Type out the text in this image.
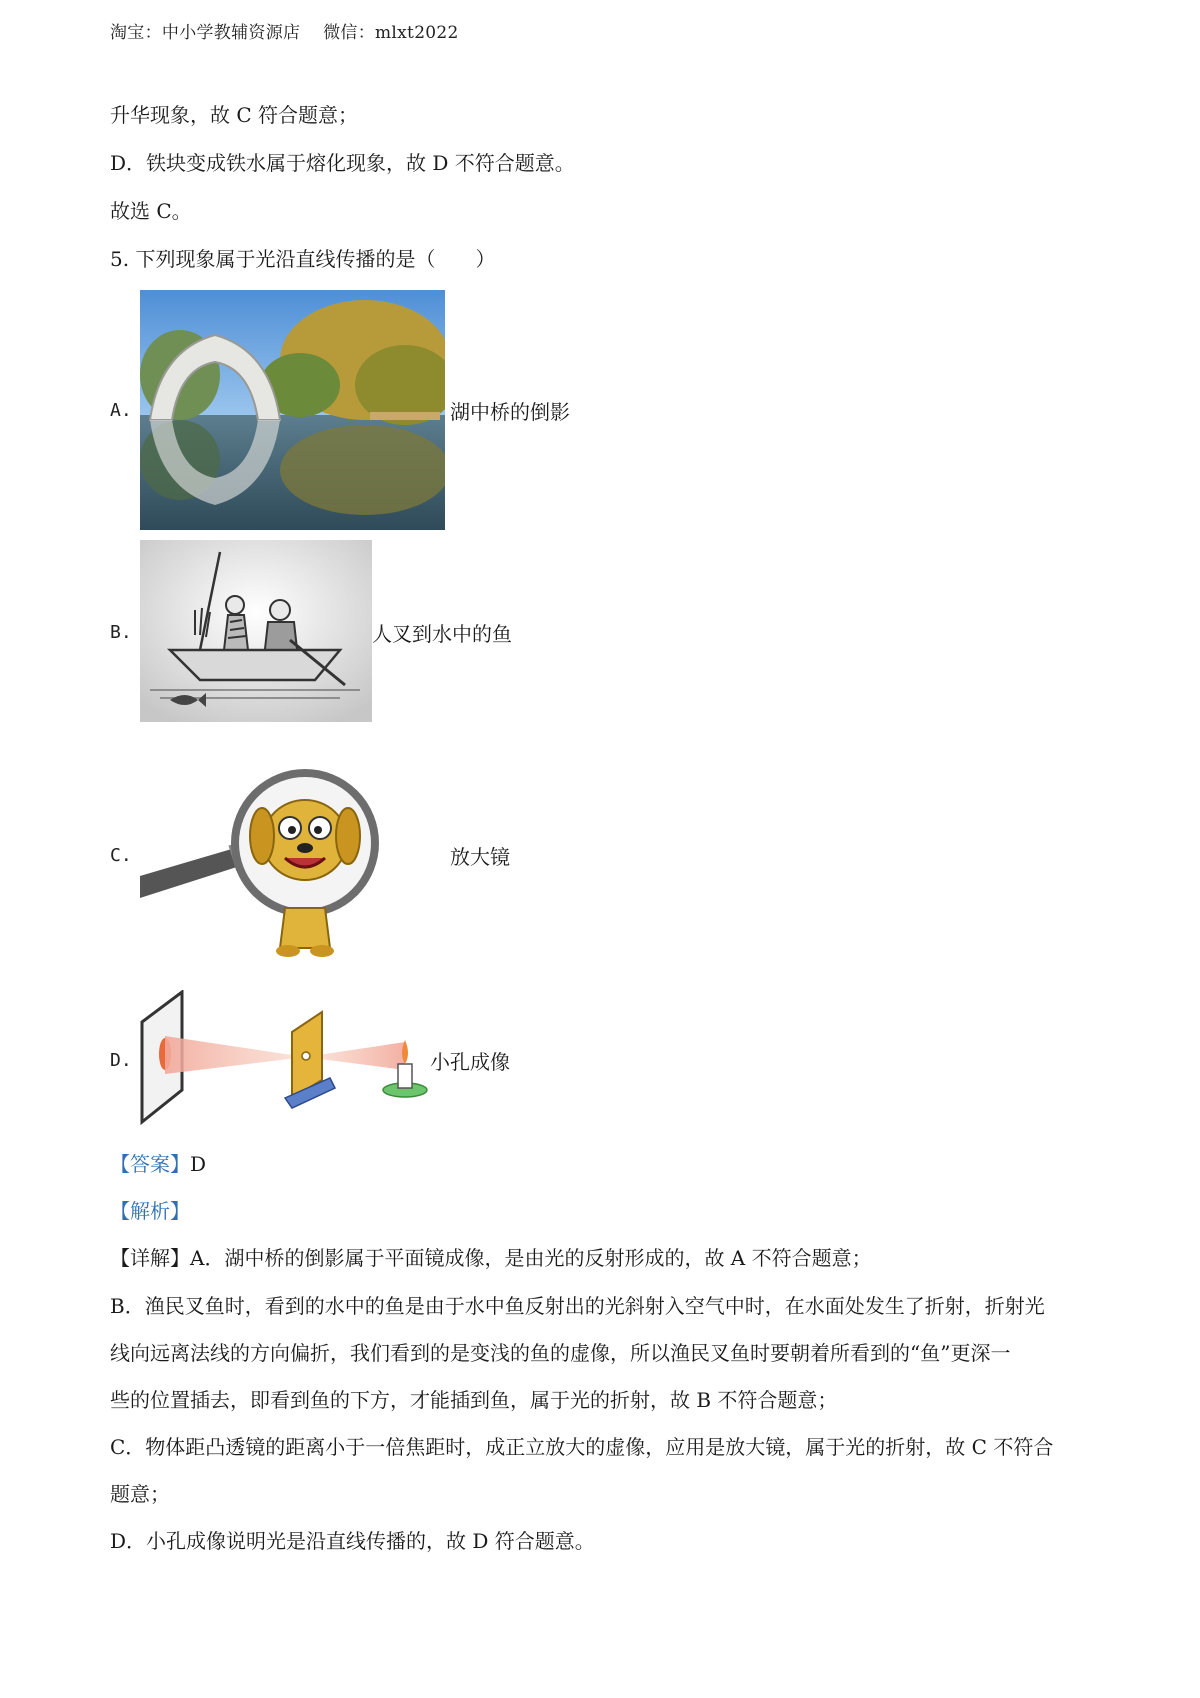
淘宝：中小学教辅资源店    微信：mlxt2022
升华现象，故 C 符合题意；
D．铁块变成铁水属于熔化现象，故 D 不符合题意。
故选 C。
5. 下列现象属于光沿直线传播的是（　　）
A.	湖中桥的倒影
B.	人叉到水中的鱼
C.	放大镜
D.	小孔成像
【答案】D
【解析】
【详解】A．湖中桥的倒影属于平面镜成像，是由光的反射形成的，故 A 不符合题意；
B．渔民叉鱼时，看到的水中的鱼是由于水中鱼反射出的光斜射入空气中时，在水面处发生了折射，折射光
线向远离法线的方向偏折，我们看到的是变浅的鱼的虚像，所以渔民叉鱼时要朝着所看到的“鱼”更深一
些的位置插去，即看到鱼的下方，才能插到鱼，属于光的折射，故 B 不符合题意；
C．物体距凸透镜的距离小于一倍焦距时，成正立放大的虚像，应用是放大镜，属于光的折射，故 C 不符合
题意；
D．小孔成像说明光是沿直线传播的，故 D 符合题意。
